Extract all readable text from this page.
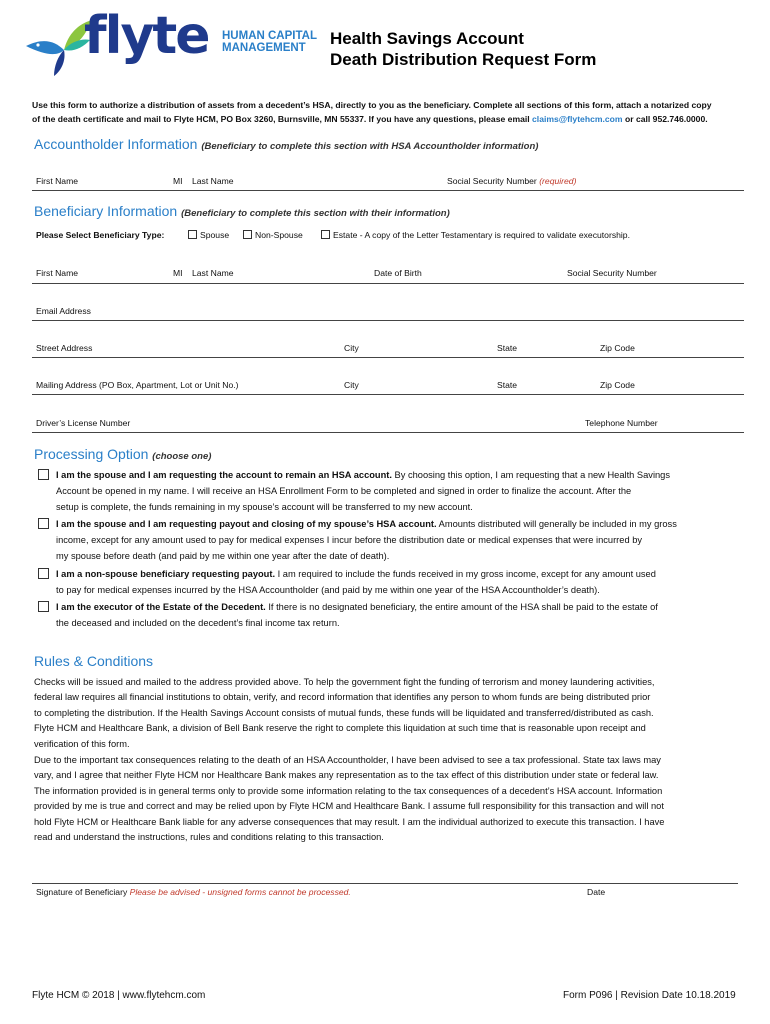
flyte HUMAN CAPITAL
MANAGEMENT	Health Savings Account
Death Distribution Request Form
Use this form to authorize a distribution of assets from a decedent’s HSA, directly to you as the beneficiary. Complete all sections of this form, attach a notarized copy
of the death certificate and mail to Flyte HCM, PO Box 3260, Burnsville, MN 55337. If you have any questions, please email claims@flytehcm.com or call 952.746.0000.
Accountholder Information (Beneficiary to complete this section with HSA Accountholder information)
First Name	MI Last Name	Social Security Number (required)
Beneficiary Information (Beneficiary to complete this section with their information)
Please Select Beneficiary Type:	Spouse	Non-Spouse	Estate - A copy of the Letter Testamentary is required to validate executorship.
First Name	MI Last Name	Date of Birth	Social Security Number
Email Address
Street Address	City	State	Zip Code
Mailing Address (PO Box, Apartment, Lot or Unit No.)	City	State	Zip Code
Driver’s License Number	Telephone Number
Processing Option (choose one)
I am the spouse and I am requesting the account to remain an HSA account. By choosing this option, I am requesting that a new Health Savings
Account be opened in my name. I will receive an HSA Enrollment Form to be completed and signed in order to finalize the account. After the
setup is complete, the funds remaining in my spouse’s account will be transferred to my new account.
I am the spouse and I am requesting payout and closing of my spouse’s HSA account. Amounts distributed will generally be included in my gross
income, except for any amount used to pay for medical expenses I incur before the distribution date or medical expenses that were incurred by
my spouse before death (and paid by me within one year after the date of death).
I am a non-spouse beneficiary requesting payout. I am required to include the funds received in my gross income, except for any amount used
to pay for medical expenses incurred by the HSA Accountholder (and paid by me within one year of the HSA Accountholder’s death).
I am the executor of the Estate of the Decedent. If there is no designated beneficiary, the entire amount of the HSA shall be paid to the estate of
the deceased and included on the decedent’s final income tax return.
Rules & Conditions
Checks will be issued and mailed to the address provided above. To help the government fight the funding of terrorism and money laundering activities,
federal law requires all financial institutions to obtain, verify, and record information that identifies any person to whom funds are being distributed prior
to completing the distribution. If the Health Savings Account consists of mutual funds, these funds will be liquidated and transferred/distributed as cash.
Flyte HCM and Healthcare Bank, a division of Bell Bank reserve the right to complete this liquidation at such time that is reasonable upon receipt and
verification of this form.
Due to the important tax consequences relating to the death of an HSA Accountholder, I have been advised to see a tax professional. State tax laws may
vary, and I agree that neither Flyte HCM nor Healthcare Bank makes any representation as to the tax effect of this distribution under state or federal law.
The information provided is in general terms only to provide some information relating to the tax consequences of a decedent’s HSA account. Information
provided by me is true and correct and may be relied upon by Flyte HCM and Healthcare Bank. I assume full responsibility for this transaction and will not
hold Flyte HCM or Healthcare Bank liable for any adverse consequences that may result. I am the individual authorized to execute this transaction. I have
read and understand the instructions, rules and conditions relating to this transaction.
Signature of Beneficiary Please be advised - unsigned forms cannot be processed.	Date
Flyte HCM © 2018 | www.flytehcm.com	Form P096 | Revision Date 10.18.2019
